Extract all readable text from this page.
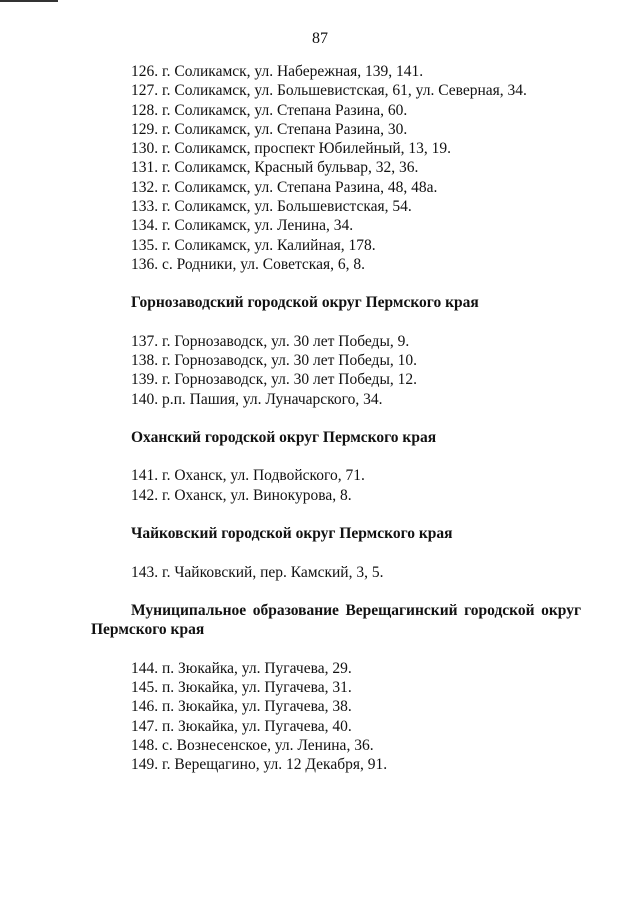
87
126. г. Соликамск, ул. Набережная, 139, 141.
127. г. Соликамск, ул. Большевистская, 61, ул. Северная, 34.
128. г. Соликамск, ул. Степана Разина, 60.
129. г. Соликамск, ул. Степана Разина, 30.
130. г. Соликамск, проспект Юбилейный, 13, 19.
131. г. Соликамск, Красный бульвар, 32, 36.
132. г. Соликамск, ул. Степана Разина, 48, 48а.
133. г. Соликамск, ул. Большевистская, 54.
134. г. Соликамск, ул. Ленина, 34.
135. г. Соликамск, ул. Калийная, 178.
136. с. Родники, ул. Советская, 6, 8.
Горнозаводский городской округ Пермского края
137. г. Горнозаводск, ул. 30 лет Победы, 9.
138. г. Горнозаводск, ул. 30 лет Победы, 10.
139. г. Горнозаводск, ул. 30 лет Победы, 12.
140. р.п. Пашия, ул. Луначарского, 34.
Оханский городской округ Пермского края
141. г. Оханск, ул. Подвойского, 71.
142. г. Оханск, ул. Винокурова, 8.
Чайковский городской округ Пермского края
143. г. Чайковский, пер. Камский, 3, 5.
Муниципальное образование Верещагинский городской округ Пермского края
144. п. Зюкайка, ул. Пугачева, 29.
145. п. Зюкайка, ул. Пугачева, 31.
146. п. Зюкайка, ул. Пугачева, 38.
147. п. Зюкайка, ул. Пугачева, 40.
148. с. Вознесенское, ул. Ленина, 36.
149. г. Верещагино, ул. 12 Декабря, 91.
